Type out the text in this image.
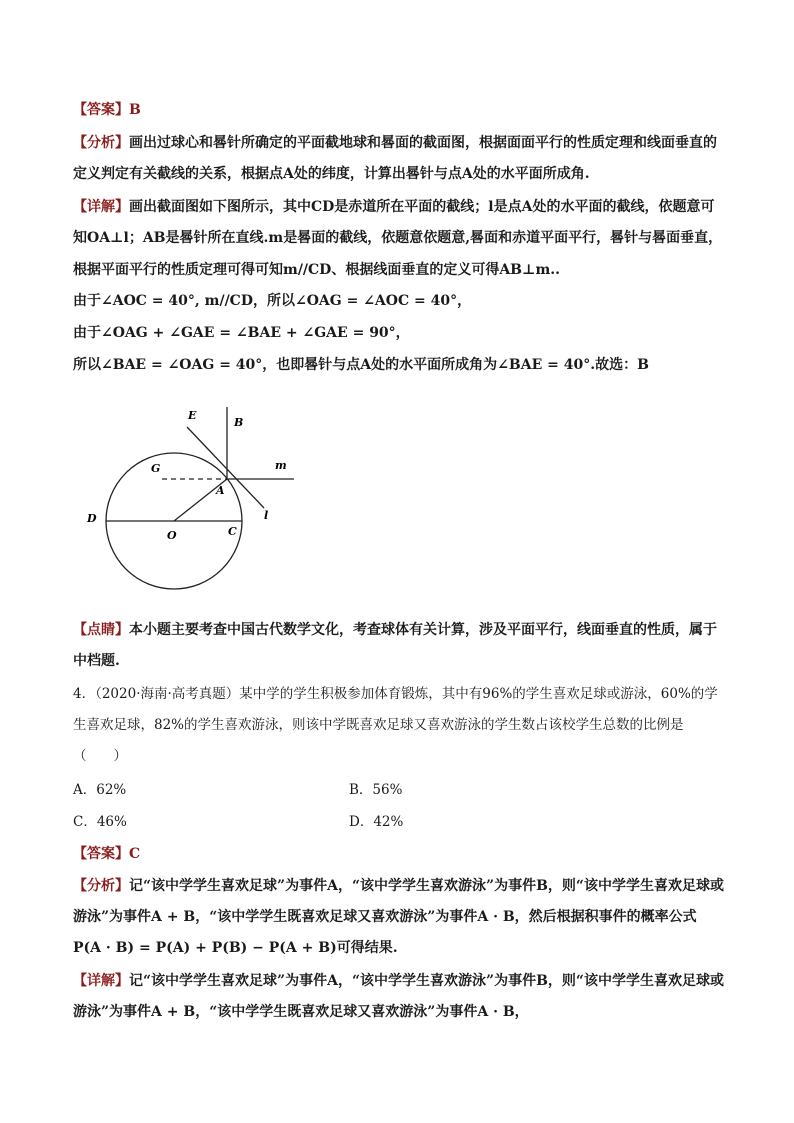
【答案】B
【分析】画出过球心和晷针所确定的平面截地球和晷面的截面图，根据面面平行的性质定理和线面垂直的
定义判定有关截线的关系，根据点A处的纬度，计算出晷针与点A处的水平面所成角.
【详解】画出截面图如下图所示，其中CD是赤道所在平面的截线；l是点A处的水平面的截线，依题意可
知OA⊥l；AB是晷针所在直线.m是晷面的截线，依题意依题意,晷面和赤道平面平行，晷针与晷面垂直，
根据平面平行的性质定理可得可知m//CD、根据线面垂直的定义可得AB⊥m..
由于∠AOC = 40°, m//CD，所以∠OAG = ∠AOC = 40°，
由于∠OAG + ∠GAE = ∠BAE + ∠GAE = 90°，
所以∠BAE = ∠OAG = 40°，也即晷针与点A处的水平面所成角为∠BAE = 40°.故选：B
E
B
G	m
A
D	l
O	C
【点睛】本小题主要考查中国古代数学文化，考查球体有关计算，涉及平面平行，线面垂直的性质，属于
中档题.
4．（2020·海南·高考真题）某中学的学生积极参加体育锻炼，其中有96%的学生喜欢足球或游泳，60%的学
生喜欢足球，82%的学生喜欢游泳，则该中学既喜欢足球又喜欢游泳的学生数占该校学生总数的比例是
（　　）
A．62%	B．56%
C．46%	D．42%
【答案】C
【分析】记“该中学学生喜欢足球”为事件A，“该中学学生喜欢游泳”为事件B，则“该中学学生喜欢足球或
游泳”为事件A + B，“该中学学生既喜欢足球又喜欢游泳”为事件A · B，然后根据积事件的概率公式
P(A · B) = P(A) + P(B) − P(A + B)可得结果.
【详解】记“该中学学生喜欢足球”为事件A，“该中学学生喜欢游泳”为事件B，则“该中学学生喜欢足球或
游泳”为事件A + B，“该中学学生既喜欢足球又喜欢游泳”为事件A · B，
